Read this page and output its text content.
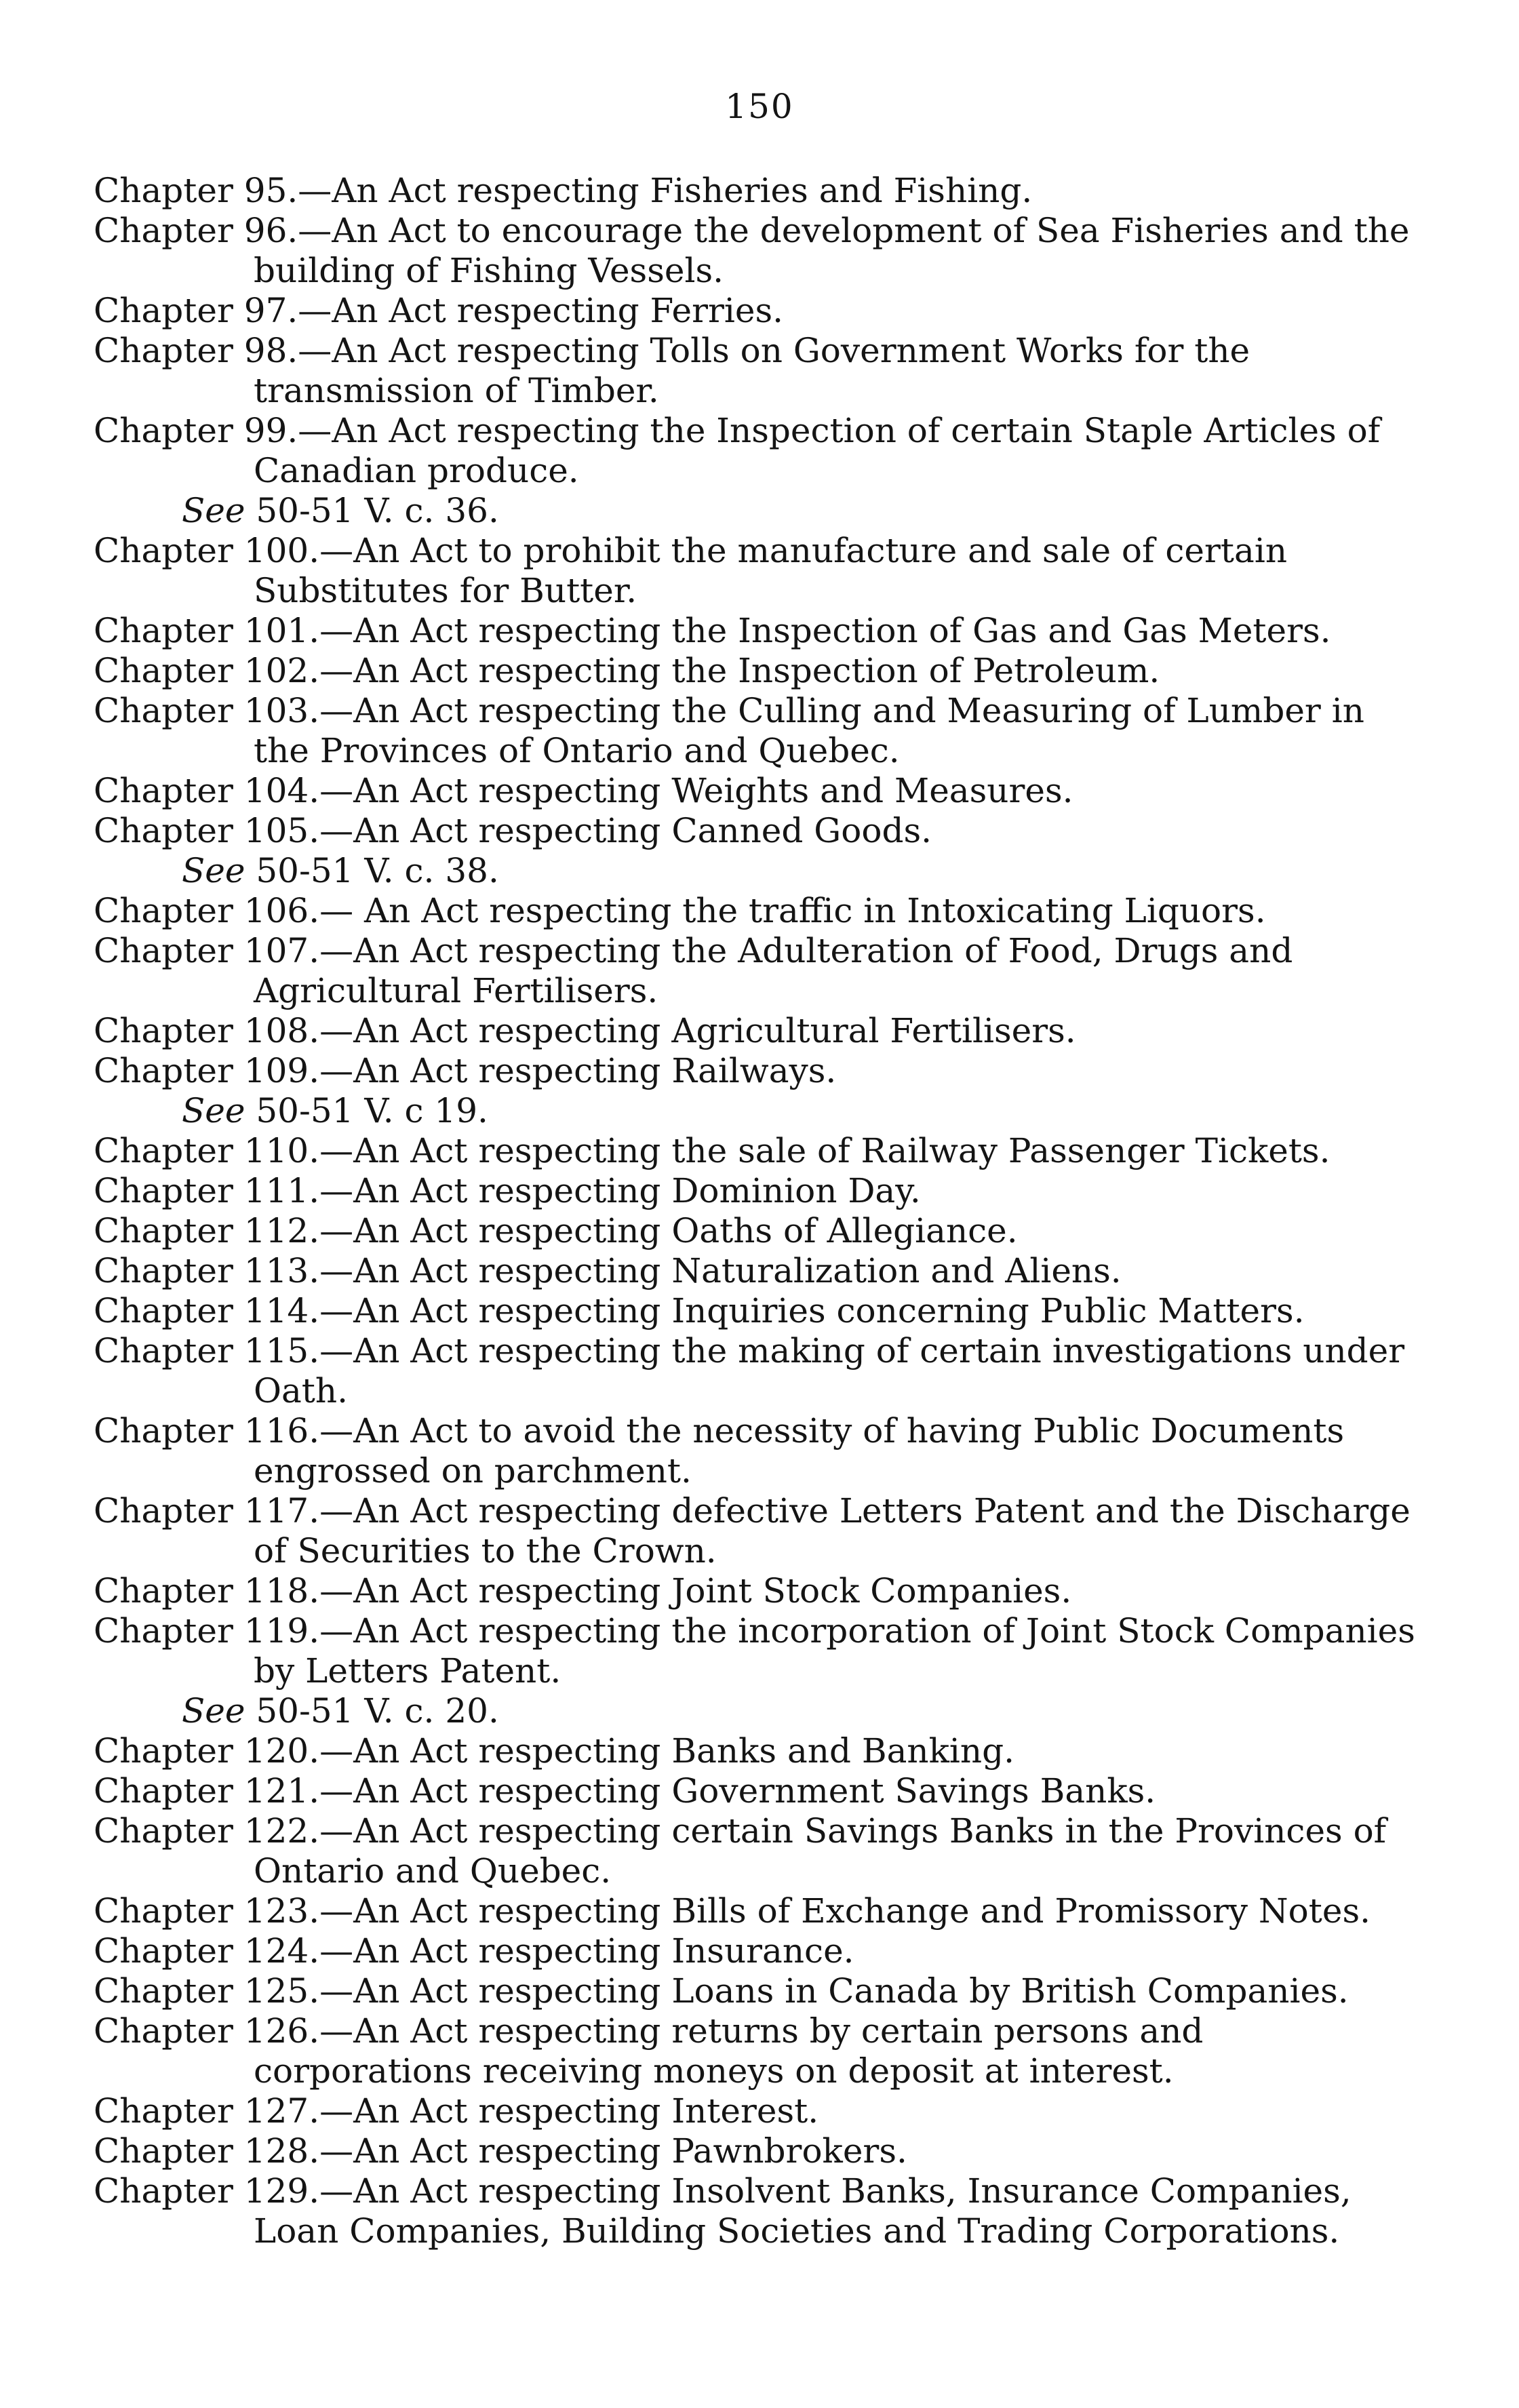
150
Chapter 95.—An Act respecting Fisheries and Fishing.
Chapter 96.—An Act to encourage the development of Sea Fisheries and the building of Fishing Vessels.
Chapter 97.—An Act respecting Ferries.
Chapter 98.—An Act respecting Tolls on Government Works for the transmission of Timber.
Chapter 99.—An Act respecting the Inspection of certain Staple Articles of Canadian produce.
See 50-51 V. c. 36.
Chapter 100.—An Act to prohibit the manufacture and sale of certain Substitutes for Butter.
Chapter 101.—An Act respecting the Inspection of Gas and Gas Meters.
Chapter 102.—An Act respecting the Inspection of Petroleum.
Chapter 103.—An Act respecting the Culling and Measuring of Lumber in the Provinces of Ontario and Quebec.
Chapter 104.—An Act respecting Weights and Measures.
Chapter 105.—An Act respecting Canned Goods.
See 50-51 V. c. 38.
Chapter 106.— An Act respecting the traffic in Intoxicating Liquors.
Chapter 107.—An Act respecting the Adulteration of Food, Drugs and Agricultural Fertilisers.
Chapter 108.—An Act respecting Agricultural Fertilisers.
Chapter 109.—An Act respecting Railways.
See 50-51 V. c 19.
Chapter 110.—An Act respecting the sale of Railway Passenger Tickets.
Chapter 111.—An Act respecting Dominion Day.
Chapter 112.—An Act respecting Oaths of Allegiance.
Chapter 113.—An Act respecting Naturalization and Aliens.
Chapter 114.—An Act respecting Inquiries concerning Public Matters.
Chapter 115.—An Act respecting the making of certain investigations under Oath.
Chapter 116.—An Act to avoid the necessity of having Public Documents engrossed on parchment.
Chapter 117.—An Act respecting defective Letters Patent and the Discharge of Securities to the Crown.
Chapter 118.—An Act respecting Joint Stock Companies.
Chapter 119.—An Act respecting the incorporation of Joint Stock Companies by Letters Patent.
See 50-51 V. c. 20.
Chapter 120.—An Act respecting Banks and Banking.
Chapter 121.—An Act respecting Government Savings Banks.
Chapter 122.—An Act respecting certain Savings Banks in the Provinces of Ontario and Quebec.
Chapter 123.—An Act respecting Bills of Exchange and Promissory Notes.
Chapter 124.—An Act respecting Insurance.
Chapter 125.—An Act respecting Loans in Canada by British Companies.
Chapter 126.—An Act respecting returns by certain persons and corporations receiving moneys on deposit at interest.
Chapter 127.—An Act respecting Interest.
Chapter 128.—An Act respecting Pawnbrokers.
Chapter 129.—An Act respecting Insolvent Banks, Insurance Companies, Loan Companies, Building Societies and Trading Corporations.
